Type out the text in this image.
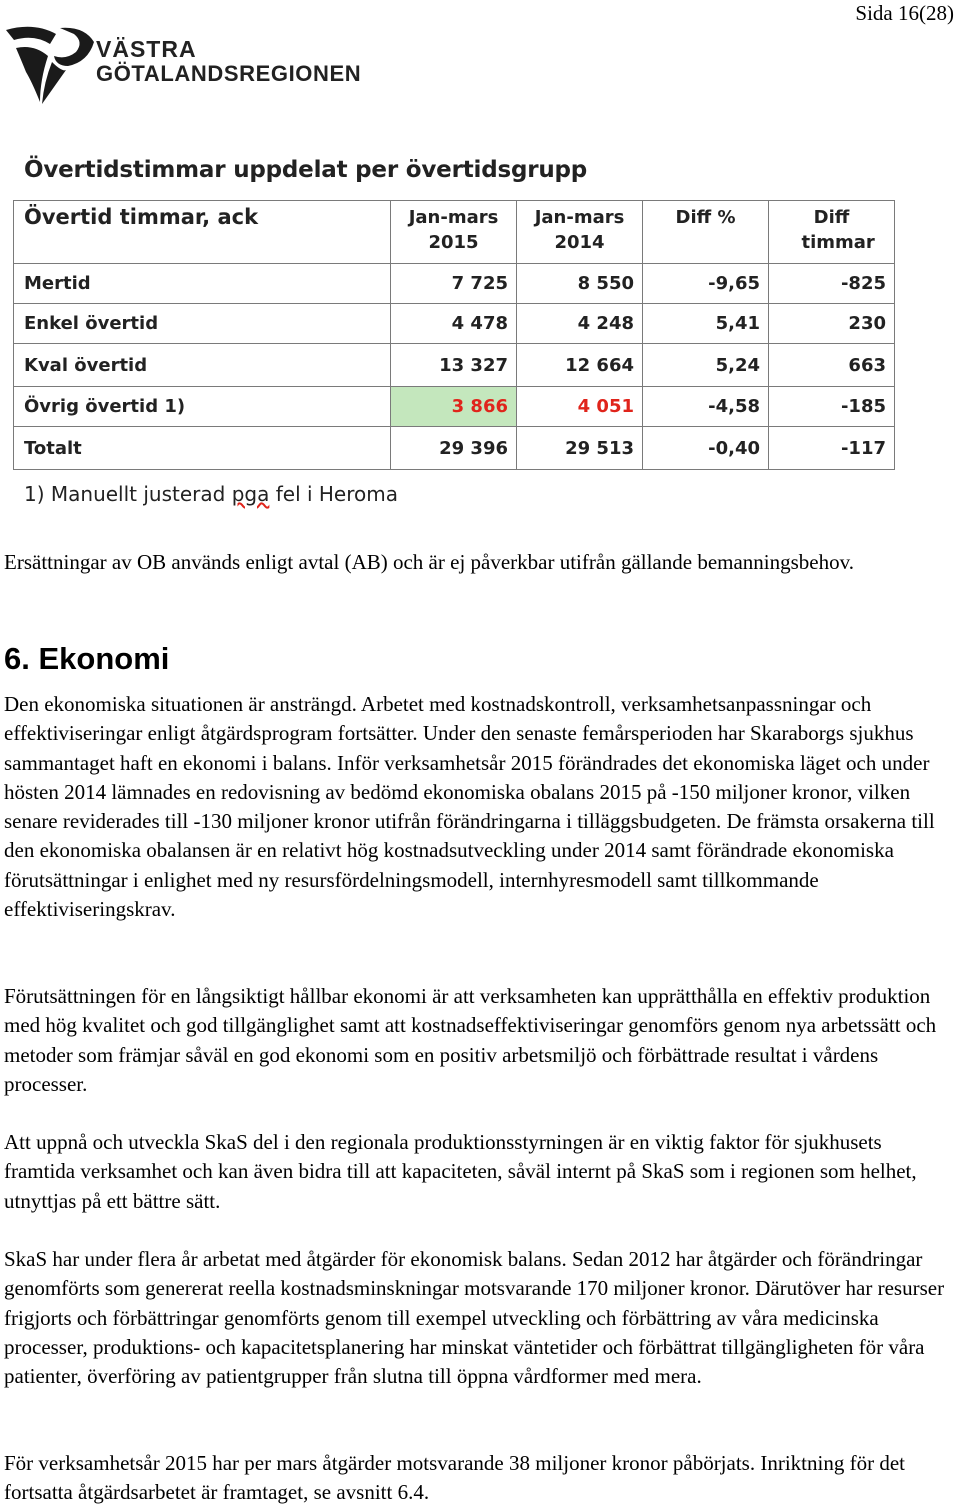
Sida 16(28)
VÄSTRA
GÖTALANDSREGIONEN
Övertidstimmar uppdelat per övertidsgrupp
Övertid timmar, ack	Jan-mars 2015	Jan-mars 2014	Diff %	Diff timmar
Mertid	7 725	8 550	-9,65	-825
Enkel övertid	4 478	4 248	5,41	230
Kval övertid	13 327	12 664	5,24	663
Övrig övertid 1)	3 866	4 051	-4,58	-185
Totalt	29 396	29 513	-0,40	-117
1) Manuellt justerad pga fel i Heroma

Ersättningar av OB används enligt avtal (AB) och är ej påverkbar utifrån gällande bemanningsbehov.

6. Ekonomi

Den ekonomiska situationen är ansträngd. Arbetet med kostnadskontroll, verksamhetsanpassningar och effektiviseringar enligt åtgärdsprogram fortsätter. Under den senaste femårsperioden har Skaraborgs sjukhus sammantaget haft en ekonomi i balans. Inför verksamhetsår 2015 förändrades det ekonomiska läget och under hösten 2014 lämnades en redovisning av bedömd ekonomiska obalans 2015 på -150 miljoner kronor, vilken senare reviderades till -130 miljoner kronor utifrån förändringarna i tilläggsbudgeten. De främsta orsakerna till den ekonomiska obalansen är en relativt hög kostnadsutveckling under 2014 samt förändrade ekonomiska förutsättningar i enlighet med ny resursfördelningsmodell, internhyresmodell samt tillkommande effektiviseringskrav.

Förutsättningen för en långsiktigt hållbar ekonomi är att verksamheten kan upprätthålla en effektiv produktion med hög kvalitet och god tillgänglighet samt att kostnadseffektiviseringar genomförs genom nya arbetssätt och metoder som främjar såväl en god ekonomi som en positiv arbetsmiljö och förbättrade resultat i vårdens processer.

Att uppnå och utveckla SkaS del i den regionala produktionsstyrningen är en viktig faktor för sjukhusets framtida verksamhet och kan även bidra till att kapaciteten, såväl internt på SkaS som i regionen som helhet, utnyttjas på ett bättre sätt.

SkaS har under flera år arbetat med åtgärder för ekonomisk balans. Sedan 2012 har åtgärder och förändringar genomförts som genererat reella kostnadsminskningar motsvarande 170 miljoner kronor. Därutöver har resurser frigjorts och förbättringar genomförts genom till exempel utveckling och förbättring av våra medicinska processer, produktions- och kapacitetsplanering har minskat väntetider och förbättrat tillgängligheten för våra patienter, överföring av patientgrupper från slutna till öppna vårdformer med mera.

För verksamhetsår 2015 har per mars åtgärder motsvarande 38 miljoner kronor påbörjats. Inriktning för det fortsatta åtgärdsarbetet är framtaget, se avsnitt 6.4.
